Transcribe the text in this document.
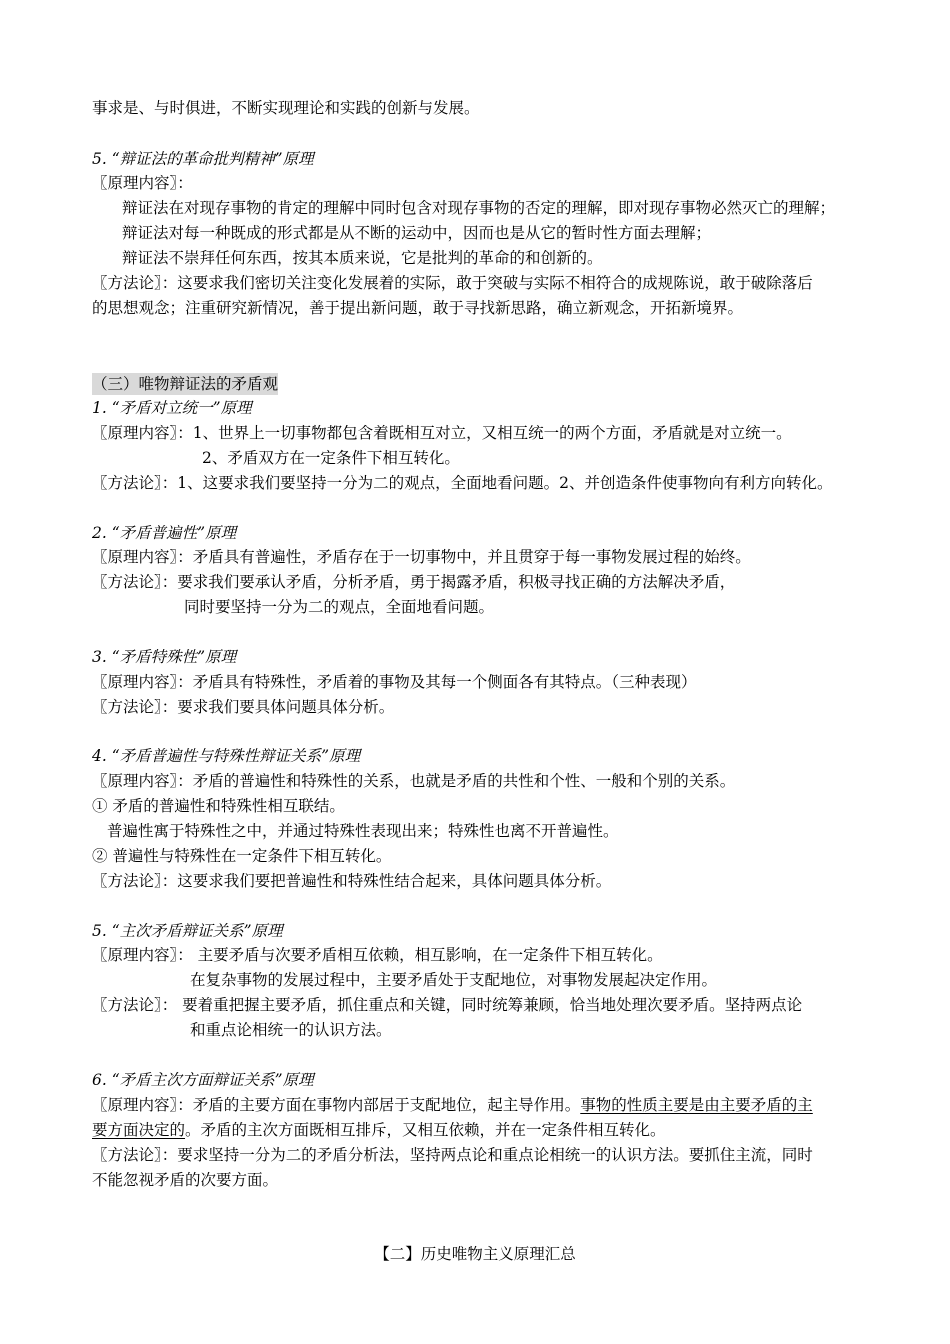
事求是、与时俱进，不断实现理论和实践的创新与发展。
5. “辩证法的革命批判精神”原理
〖原理内容〗：
辩证法在对现存事物的肯定的理解中同时包含对现存事物的否定的理解，即对现存事物必然灭亡的理解；
辩证法对每一种既成的形式都是从不断的运动中，因而也是从它的暂时性方面去理解；
辩证法不崇拜任何东西，按其本质来说，它是批判的革命的和创新的。
〖方法论〗：这要求我们密切关注变化发展着的实际，敢于突破与实际不相符合的成规陈说，敢于破除落后
的思想观念；注重研究新情况，善于提出新问题，敢于寻找新思路，确立新观念，开拓新境界。
（三）唯物辩证法的矛盾观
1. “矛盾对立统一”原理
〖原理内容〗：1、世界上一切事物都包含着既相互对立，又相互统一的两个方面，矛盾就是对立统一。
2、矛盾双方在一定条件下相互转化。
〖方法论〗：1、这要求我们要坚持一分为二的观点，全面地看问题。2、并创造条件使事物向有利方向转化。
2. “矛盾普遍性”原理
〖原理内容〗：矛盾具有普遍性，矛盾存在于一切事物中，并且贯穿于每一事物发展过程的始终。
〖方法论〗：要求我们要承认矛盾，分析矛盾，勇于揭露矛盾，积极寻找正确的方法解决矛盾，
同时要坚持一分为二的观点，全面地看问题。
3. “矛盾特殊性”原理
〖原理内容〗：矛盾具有特殊性，矛盾着的事物及其每一个侧面各有其特点。（三种表现）
〖方法论〗：要求我们要具体问题具体分析。
4. “矛盾普遍性与特殊性辩证关系”原理
〖原理内容〗：矛盾的普遍性和特殊性的关系，也就是矛盾的共性和个性、一般和个别的关系。
① 矛盾的普遍性和特殊性相互联结。
普遍性寓于特殊性之中，并通过特殊性表现出来；特殊性也离不开普遍性。
② 普遍性与特殊性在一定条件下相互转化。
〖方法论〗：这要求我们要把普遍性和特殊性结合起来，具体问题具体分析。
5. “主次矛盾辩证关系”原理
〖原理内容〗： 主要矛盾与次要矛盾相互依赖，相互影响，在一定条件下相互转化。
在复杂事物的发展过程中，主要矛盾处于支配地位，对事物发展起决定作用。
〖方法论〗： 要着重把握主要矛盾，抓住重点和关键，同时统筹兼顾，恰当地处理次要矛盾。坚持两点论
和重点论相统一的认识方法。
6. “矛盾主次方面辩证关系”原理
〖原理内容〗：矛盾的主要方面在事物内部居于支配地位，起主导作用。事物的性质主要是由主要矛盾的主
要方面决定的。矛盾的主次方面既相互排斥，又相互依赖，并在一定条件相互转化。
〖方法论〗：要求坚持一分为二的矛盾分析法，坚持两点论和重点论相统一的认识方法。要抓住主流，同时
不能忽视矛盾的次要方面。
【二】历史唯物主义原理汇总
